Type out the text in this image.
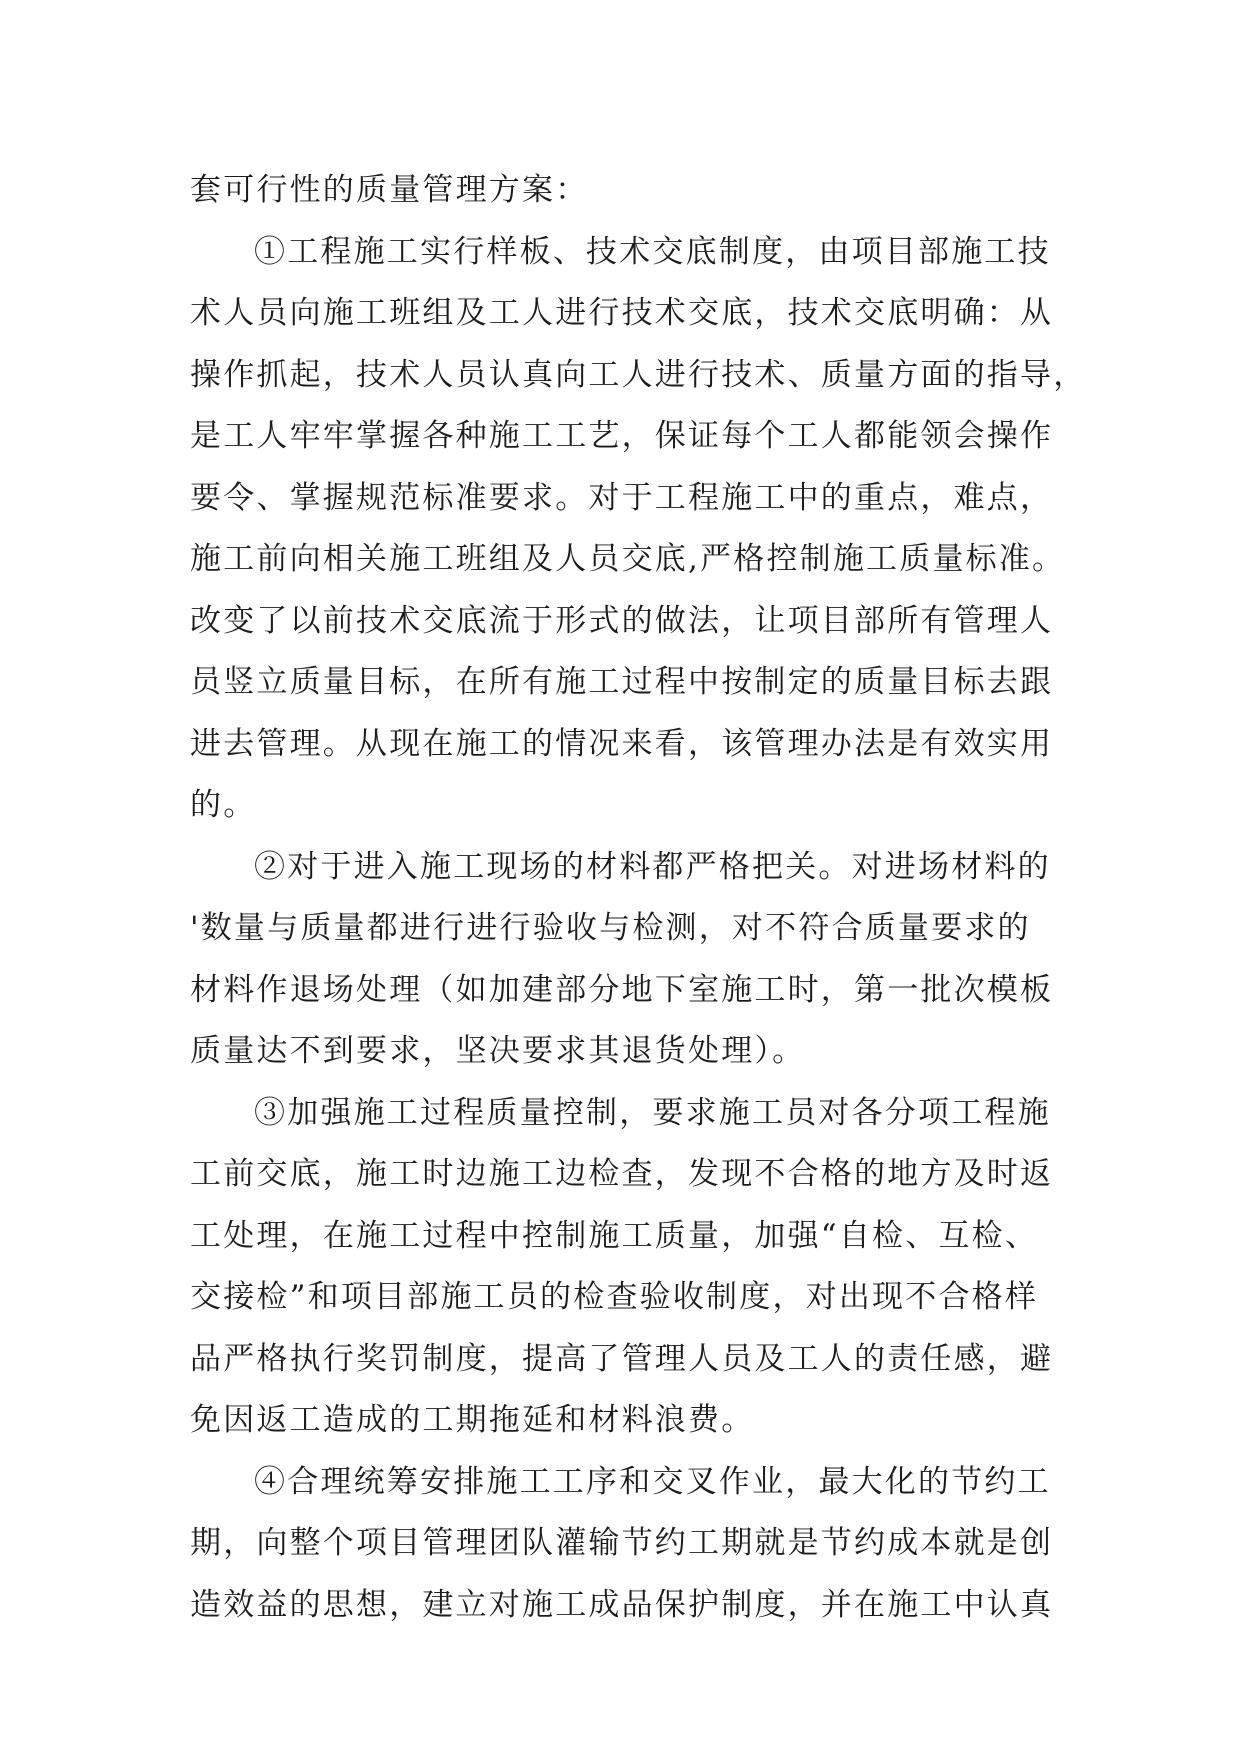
套可行性的质量管理方案：
①工程施工实行样板、技术交底制度，由项目部施工技
术人员向施工班组及工人进行技术交底，技术交底明确：从
操作抓起，技术人员认真向工人进行技术、质量方面的指导，
是工人牢牢掌握各种施工工艺，保证每个工人都能领会操作
要令、掌握规范标准要求。对于工程施工中的重点，难点，
施工前向相关施工班组及人员交底,严格控制施工质量标准。
改变了以前技术交底流于形式的做法，让项目部所有管理人
员竖立质量目标，在所有施工过程中按制定的质量目标去跟
进去管理。从现在施工的情况来看，该管理办法是有效实用
的。
②对于进入施工现场的材料都严格把关。对进场材料的
'数量与质量都进行进行验收与检测，对不符合质量要求的
材料作退场处理（如加建部分地下室施工时，第一批次模板
质量达不到要求，坚决要求其退货处理）。
③加强施工过程质量控制，要求施工员对各分项工程施
工前交底，施工时边施工边检查，发现不合格的地方及时返
工处理，在施工过程中控制施工质量，加强“自检、互检、
交接检”和项目部施工员的检查验收制度，对出现不合格样
品严格执行奖罚制度，提高了管理人员及工人的责任感，避
免因返工造成的工期拖延和材料浪费。
④合理统筹安排施工工序和交叉作业，最大化的节约工
期，向整个项目管理团队灌输节约工期就是节约成本就是创
造效益的思想，建立对施工成品保护制度，并在施工中认真
